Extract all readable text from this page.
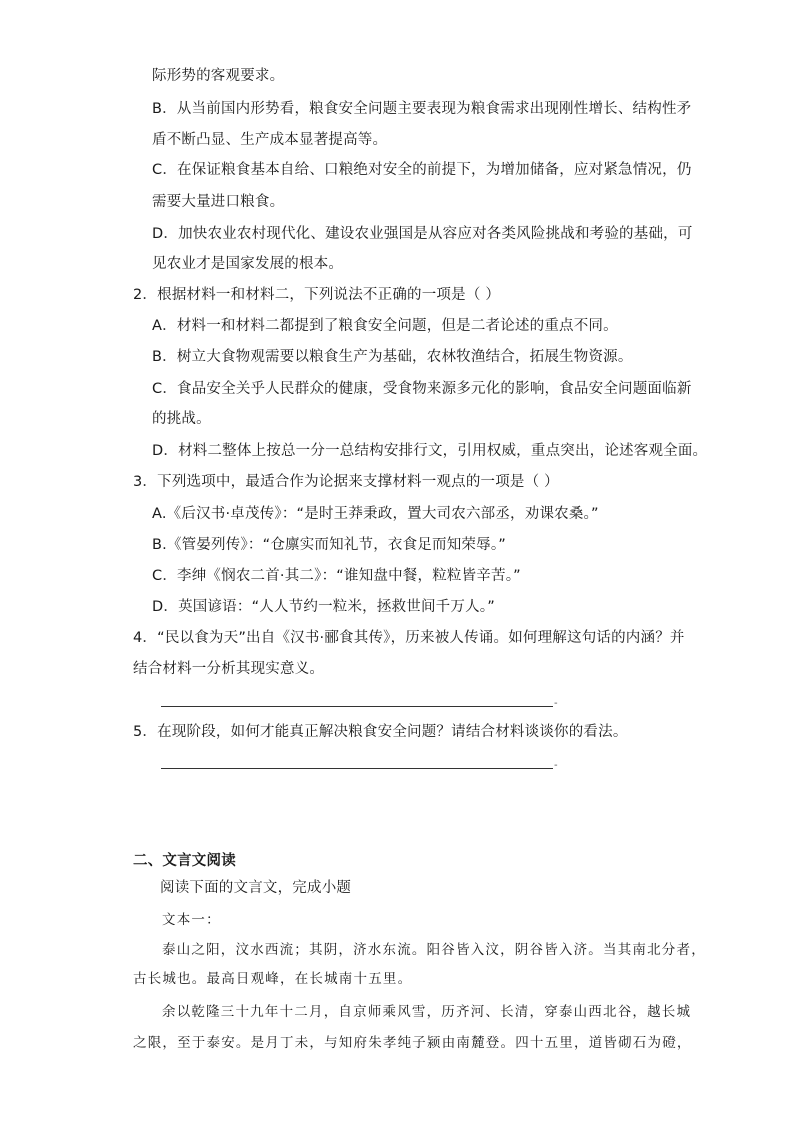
际形势的客观要求。
B．从当前国内形势看，粮食安全问题主要表现为粮食需求出现刚性增长、结构性矛
盾不断凸显、生产成本显著提高等。
C．在保证粮食基本自给、口粮绝对安全的前提下，为增加储备，应对紧急情况，仍
需要大量进口粮食。
D．加快农业农村现代化、建设农业强国是从容应对各类风险挑战和考验的基础，可
见农业才是国家发展的根本。
2．根据材料一和材料二，下列说法不正确的一项是（ ）
A．材料一和材料二都提到了粮食安全问题，但是二者论述的重点不同。
B．树立大食物观需要以粮食生产为基础，农林牧渔结合，拓展生物资源。
C．食品安全关乎人民群众的健康，受食物来源多元化的影响，食品安全问题面临新
的挑战。
D．材料二整体上按总一分一总结构安排行文，引用权威，重点突出，论述客观全面。
3．下列选项中，最适合作为论据来支撑材料一观点的一项是（ ）
A.《后汉书·卓茂传》：“是时王莽秉政，置大司农六部丞，劝课农桑。”
B.《管晏列传》：“仓廪实而知礼节，衣食足而知荣辱。”
C．李绅《悯农二首·其二》：“谁知盘中餐，粒粒皆辛苦。”
D．英国谚语：“人人节约一粒米，拯救世间千万人。”
4．“民以食为天”出自《汉书·郦食其传》，历来被人传诵。如何理解这句话的内涵？并
结合材料一分析其现实意义。
-
5．在现阶段，如何才能真正解决粮食安全问题？请结合材料谈谈你的看法。
-
二、文言文阅读
阅读下面的文言文，完成小题
文本一：
泰山之阳，汶水西流；其阴，济水东流。阳谷皆入汶，阴谷皆入济。当其南北分者，
古长城也。最高日观峰，在长城南十五里。
余以乾隆三十九年十二月，自京师乘风雪，历齐河、长清，穿泰山西北谷，越长城
之限，至于泰安。是月丁未，与知府朱孝纯子颍由南麓登。四十五里，道皆砌石为磴，
